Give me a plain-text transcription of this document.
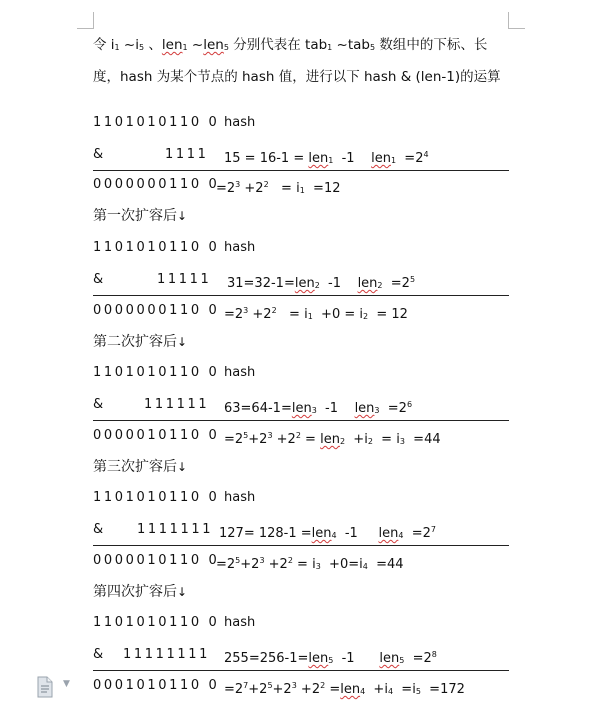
令 i1 ~i5 、len1 ~len5 分别代表在 tab1 ~tab5 数组中的下标、长
度，hash 为某个节点的 hash 值，进行以下 hash & (len-1)的运算
1101010110 0 hash
&	1111 15 = 16-1 = len1  -1    $len1 =2^4$
0000000110 0
$=2^3 +2^2 = i1 =12$
第一次扩容后↓
1101010110 0 hash
&	11111 31=32-1=len2  -1    $len2 =2^5$
0000000110 $0 =2^3 +2^2 = i1 +0 = i2 = 12$
第二次扩容后↓
1101010110 0 hash
&	111111 63=64-1=len3  -1    $len3 =2^6$
0000010110 $0 =2^5+2^3 +2^2 = len2 +i2 = i3 =44$
第三次扩容后↓
1101010110 0 hash
&	1111111 127= 128-1 =len4  -1     $len4 =2^7$
0000010110 0
$=2^5+2^3 +2^2 = i3 +0=i4 =44$
第四次扩容后↓
1101010110 0 hash
& 11111111 255=256-1=len5  -1      $len5 =2^8$
0001010110 $0 =2^7+2^5+2^3 +2^2 =len4 +i4 =i5 =172$
▼
